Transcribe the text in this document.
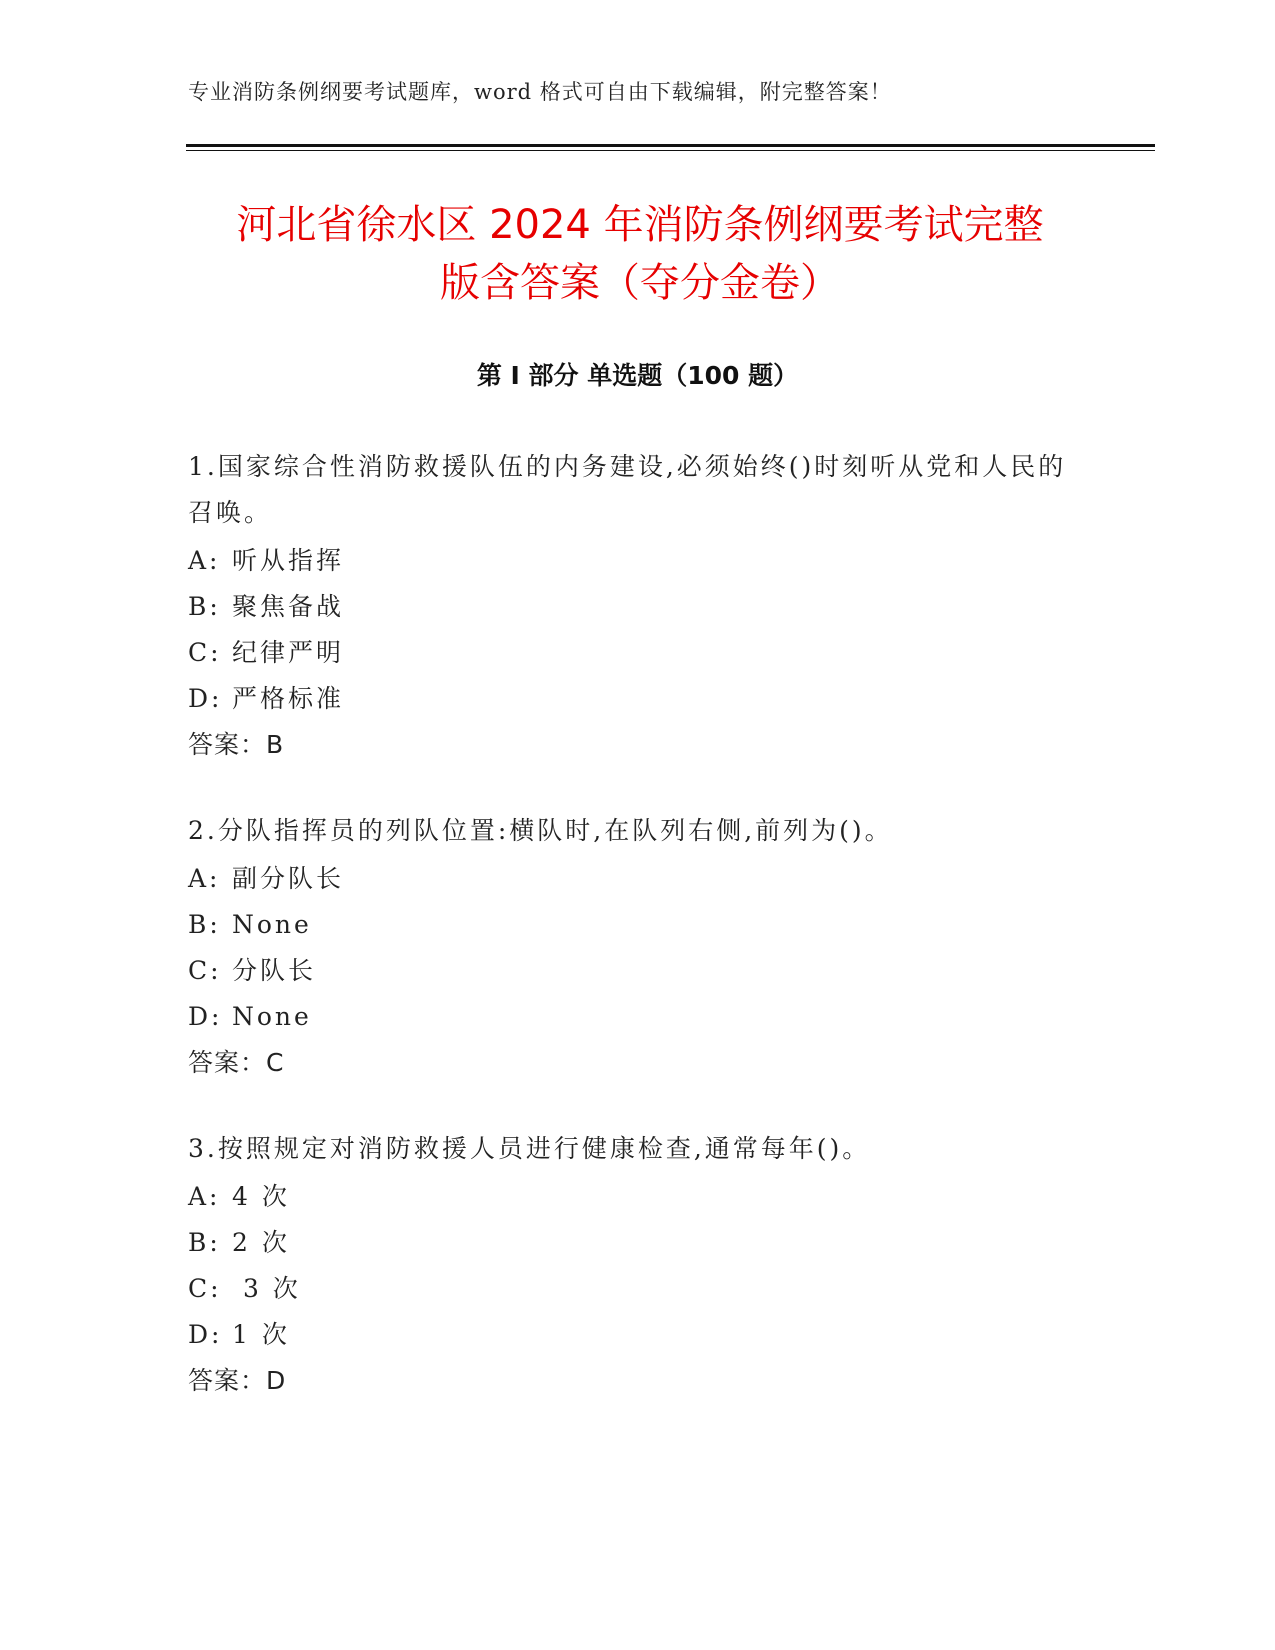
专业消防条例纲要考试题库，word 格式可自由下载编辑，附完整答案！
河北省徐水区 2024 年消防条例纲要考试完整
版含答案（夺分金卷）
第 I 部分 单选题（100 题）
1.国家综合性消防救援队伍的内务建设,必须始终()时刻听从党和人民的召唤。
A: 听从指挥
B: 聚焦备战
C: 纪律严明
D: 严格标准
答案：B
2.分队指挥员的列队位置:横队时,在队列右侧,前列为()。
A: 副分队长
B: None
C: 分队长
D: None
答案：C
3.按照规定对消防救援人员进行健康检查,通常每年()。
A: 4 次
B: 2 次
C: 3 次
D: 1 次
答案：D
